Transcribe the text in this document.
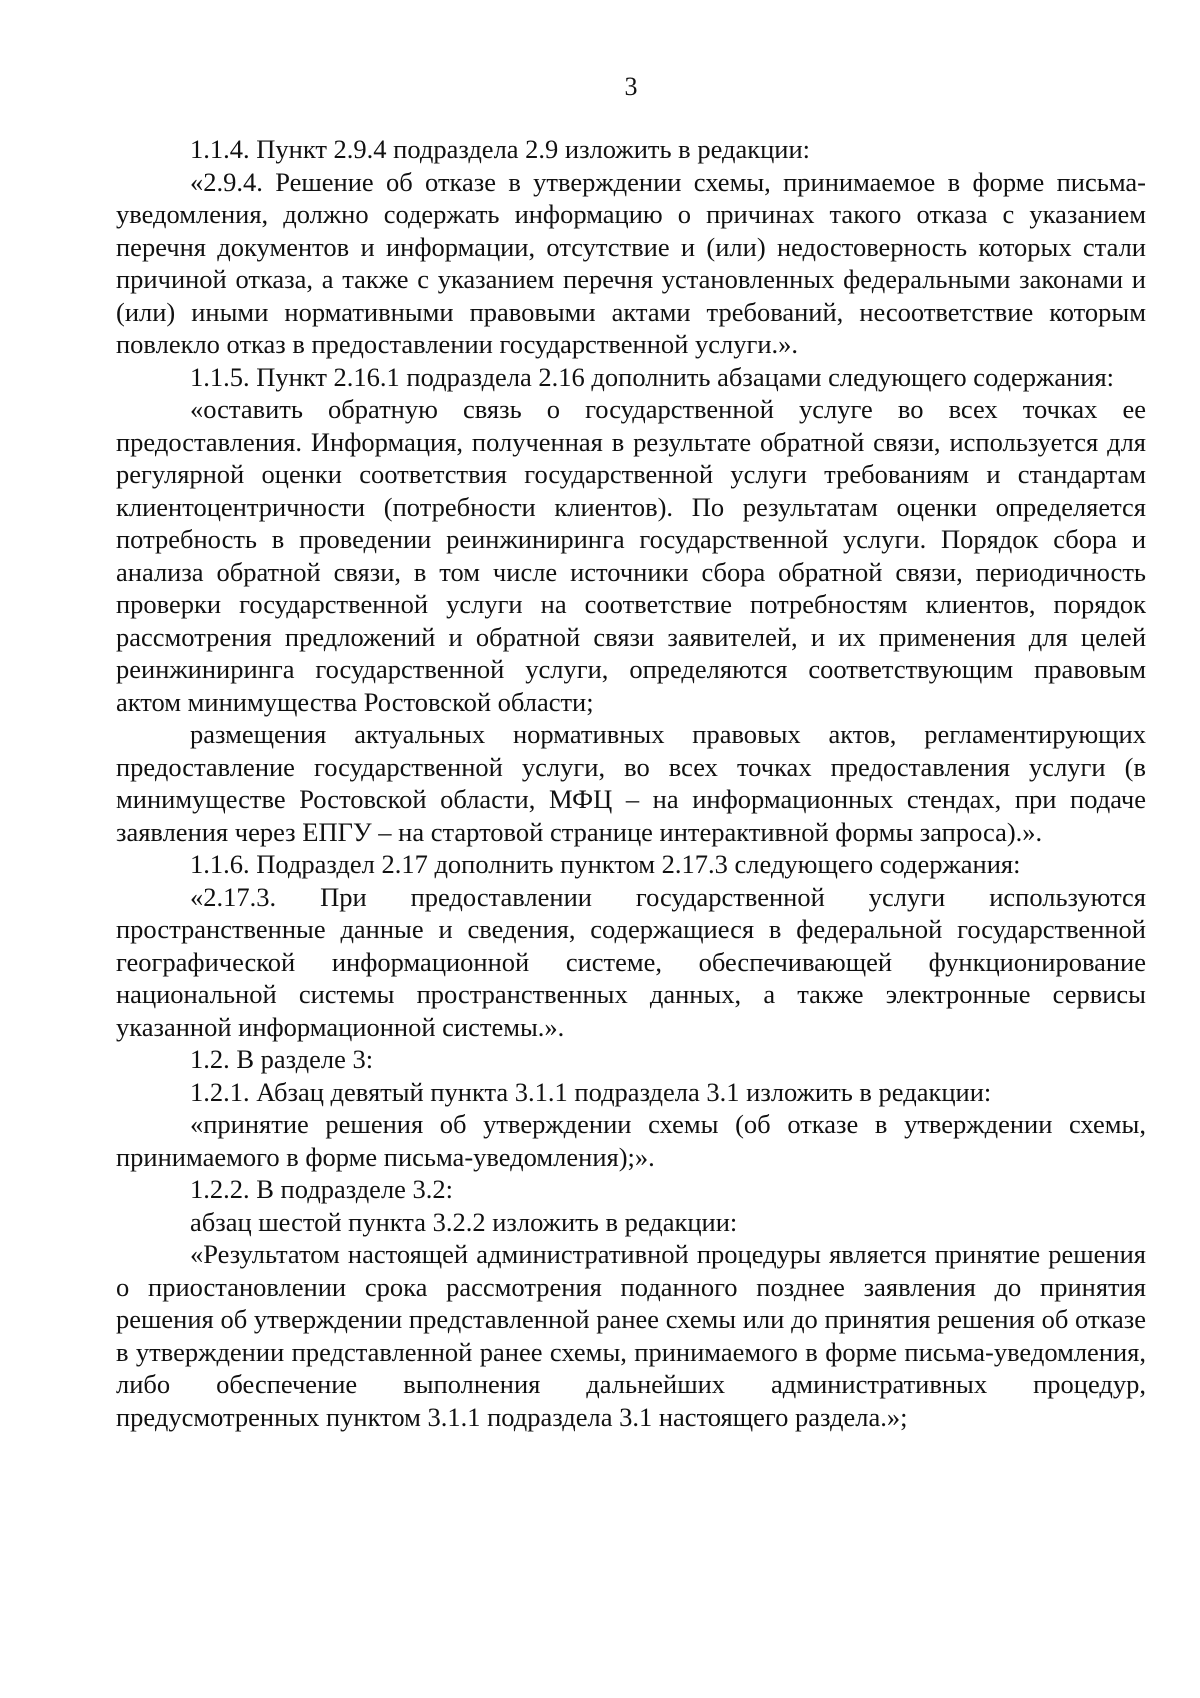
3

1.1.4. Пункт 2.9.4 подраздела 2.9 изложить в редакции:

«2.9.4. Решение об отказе в утверждении схемы, принимаемое в форме письма-уведомления, должно содержать информацию о причинах такого отказа с указанием перечня документов и информации, отсутствие и (или) недостоверность которых стали причиной отказа, а также с указанием перечня установленных федеральными законами и (или) иными нормативными правовыми актами требований, несоответствие которым повлекло отказ в предоставлении государственной услуги.».

1.1.5. Пункт 2.16.1 подраздела 2.16 дополнить абзацами следующего содержания:

«оставить обратную связь о государственной услуге во всех точках ее предоставления. Информация, полученная в результате обратной связи, используется для регулярной оценки соответствия государственной услуги требованиям и стандартам клиентоцентричности (потребности клиентов). По результатам оценки определяется потребность в проведении реинжиниринга государственной услуги. Порядок сбора и анализа обратной связи, в том числе источники сбора обратной связи, периодичность проверки государственной услуги на соответствие потребностям клиентов, порядок рассмотрения предложений и обратной связи заявителей, и их применения для целей реинжиниринга государственной услуги, определяются соответствующим правовым актом минимущества Ростовской области;

размещения актуальных нормативных правовых актов, регламентирующих предоставление государственной услуги, во всех точках предоставления услуги (в минимуществе Ростовской области, МФЦ – на информационных стендах, при подаче заявления через ЕПГУ – на стартовой странице интерактивной формы запроса).».

1.1.6. Подраздел 2.17 дополнить пунктом 2.17.3 следующего содержания:

«2.17.3. При предоставлении государственной услуги используются пространственные данные и сведения, содержащиеся в федеральной государственной географической информационной системе, обеспечивающей функционирование национальной системы пространственных данных, а также электронные сервисы указанной информационной системы.».

1.2. В разделе 3:

1.2.1. Абзац девятый пункта 3.1.1 подраздела 3.1 изложить в редакции:

«принятие решения об утверждении схемы (об отказе в утверждении схемы, принимаемого в форме письма-уведомления);».

1.2.2. В подразделе 3.2:

абзац шестой пункта 3.2.2 изложить в редакции:

«Результатом настоящей административной процедуры является принятие решения о приостановлении срока рассмотрения поданного позднее заявления до принятия решения об утверждении представленной ранее схемы или до принятия решения об отказе в утверждении представленной ранее схемы, принимаемого в форме письма-уведомления, либо обеспечение выполнения дальнейших административных процедур, предусмотренных пунктом 3.1.1 подраздела 3.1 настоящего раздела.»;
